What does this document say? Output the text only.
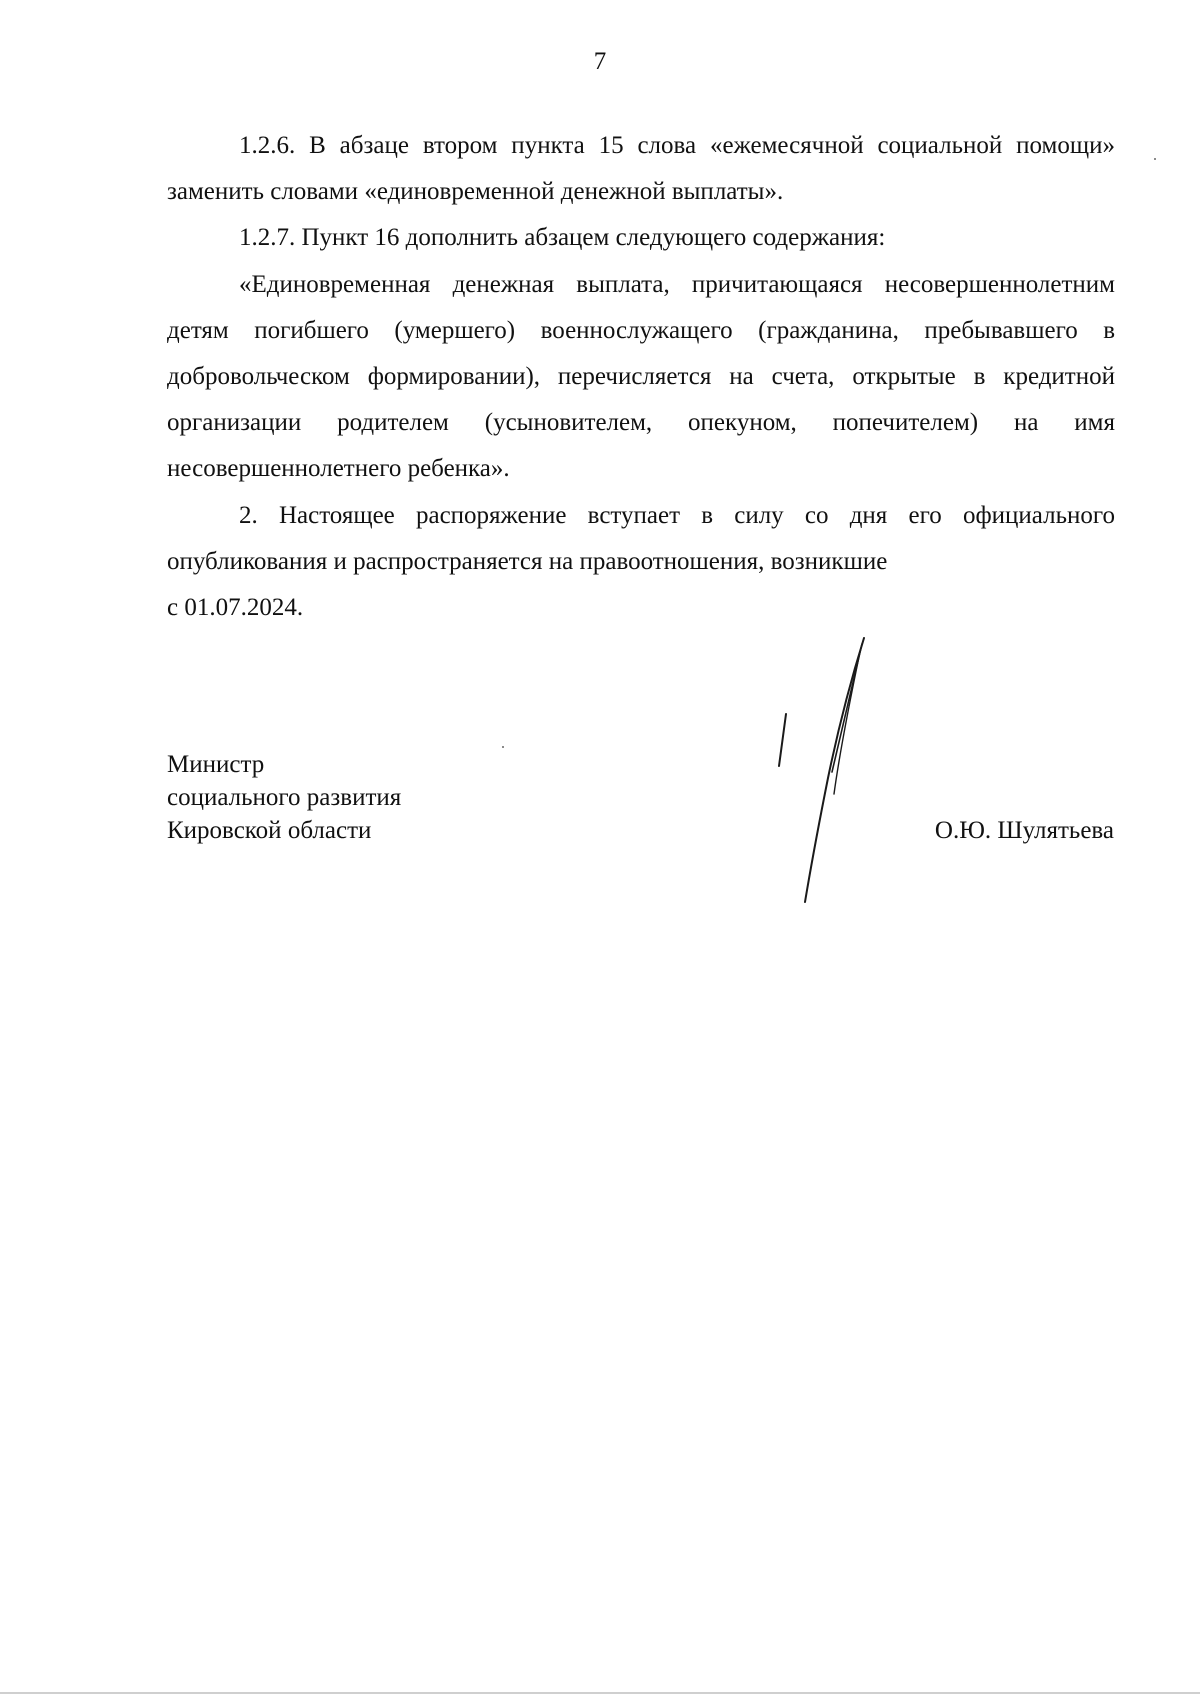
7

1.2.6. В абзаце втором пункта 15 слова «ежемесячной социальной помощи» заменить словами «единовременной денежной выплаты».

1.2.7. Пункт 16 дополнить абзацем следующего содержания:

«Единовременная денежная выплата, причитающаяся несовершеннолетним детям погибшего (умершего) военнослужащего (гражданина, пребывавшего в добровольческом формировании), перечисляется на счета, открытые в кредитной организации родителем (усыновителем, опекуном, попечителем) на имя несовершеннолетнего ребенка».

2. Настоящее распоряжение вступает в силу со дня его официального опубликования и распространяется на правоотношения, возникшие

с 01.07.2024.

Министр
социального развития
Кировской области	О.Ю. Шулятьева
